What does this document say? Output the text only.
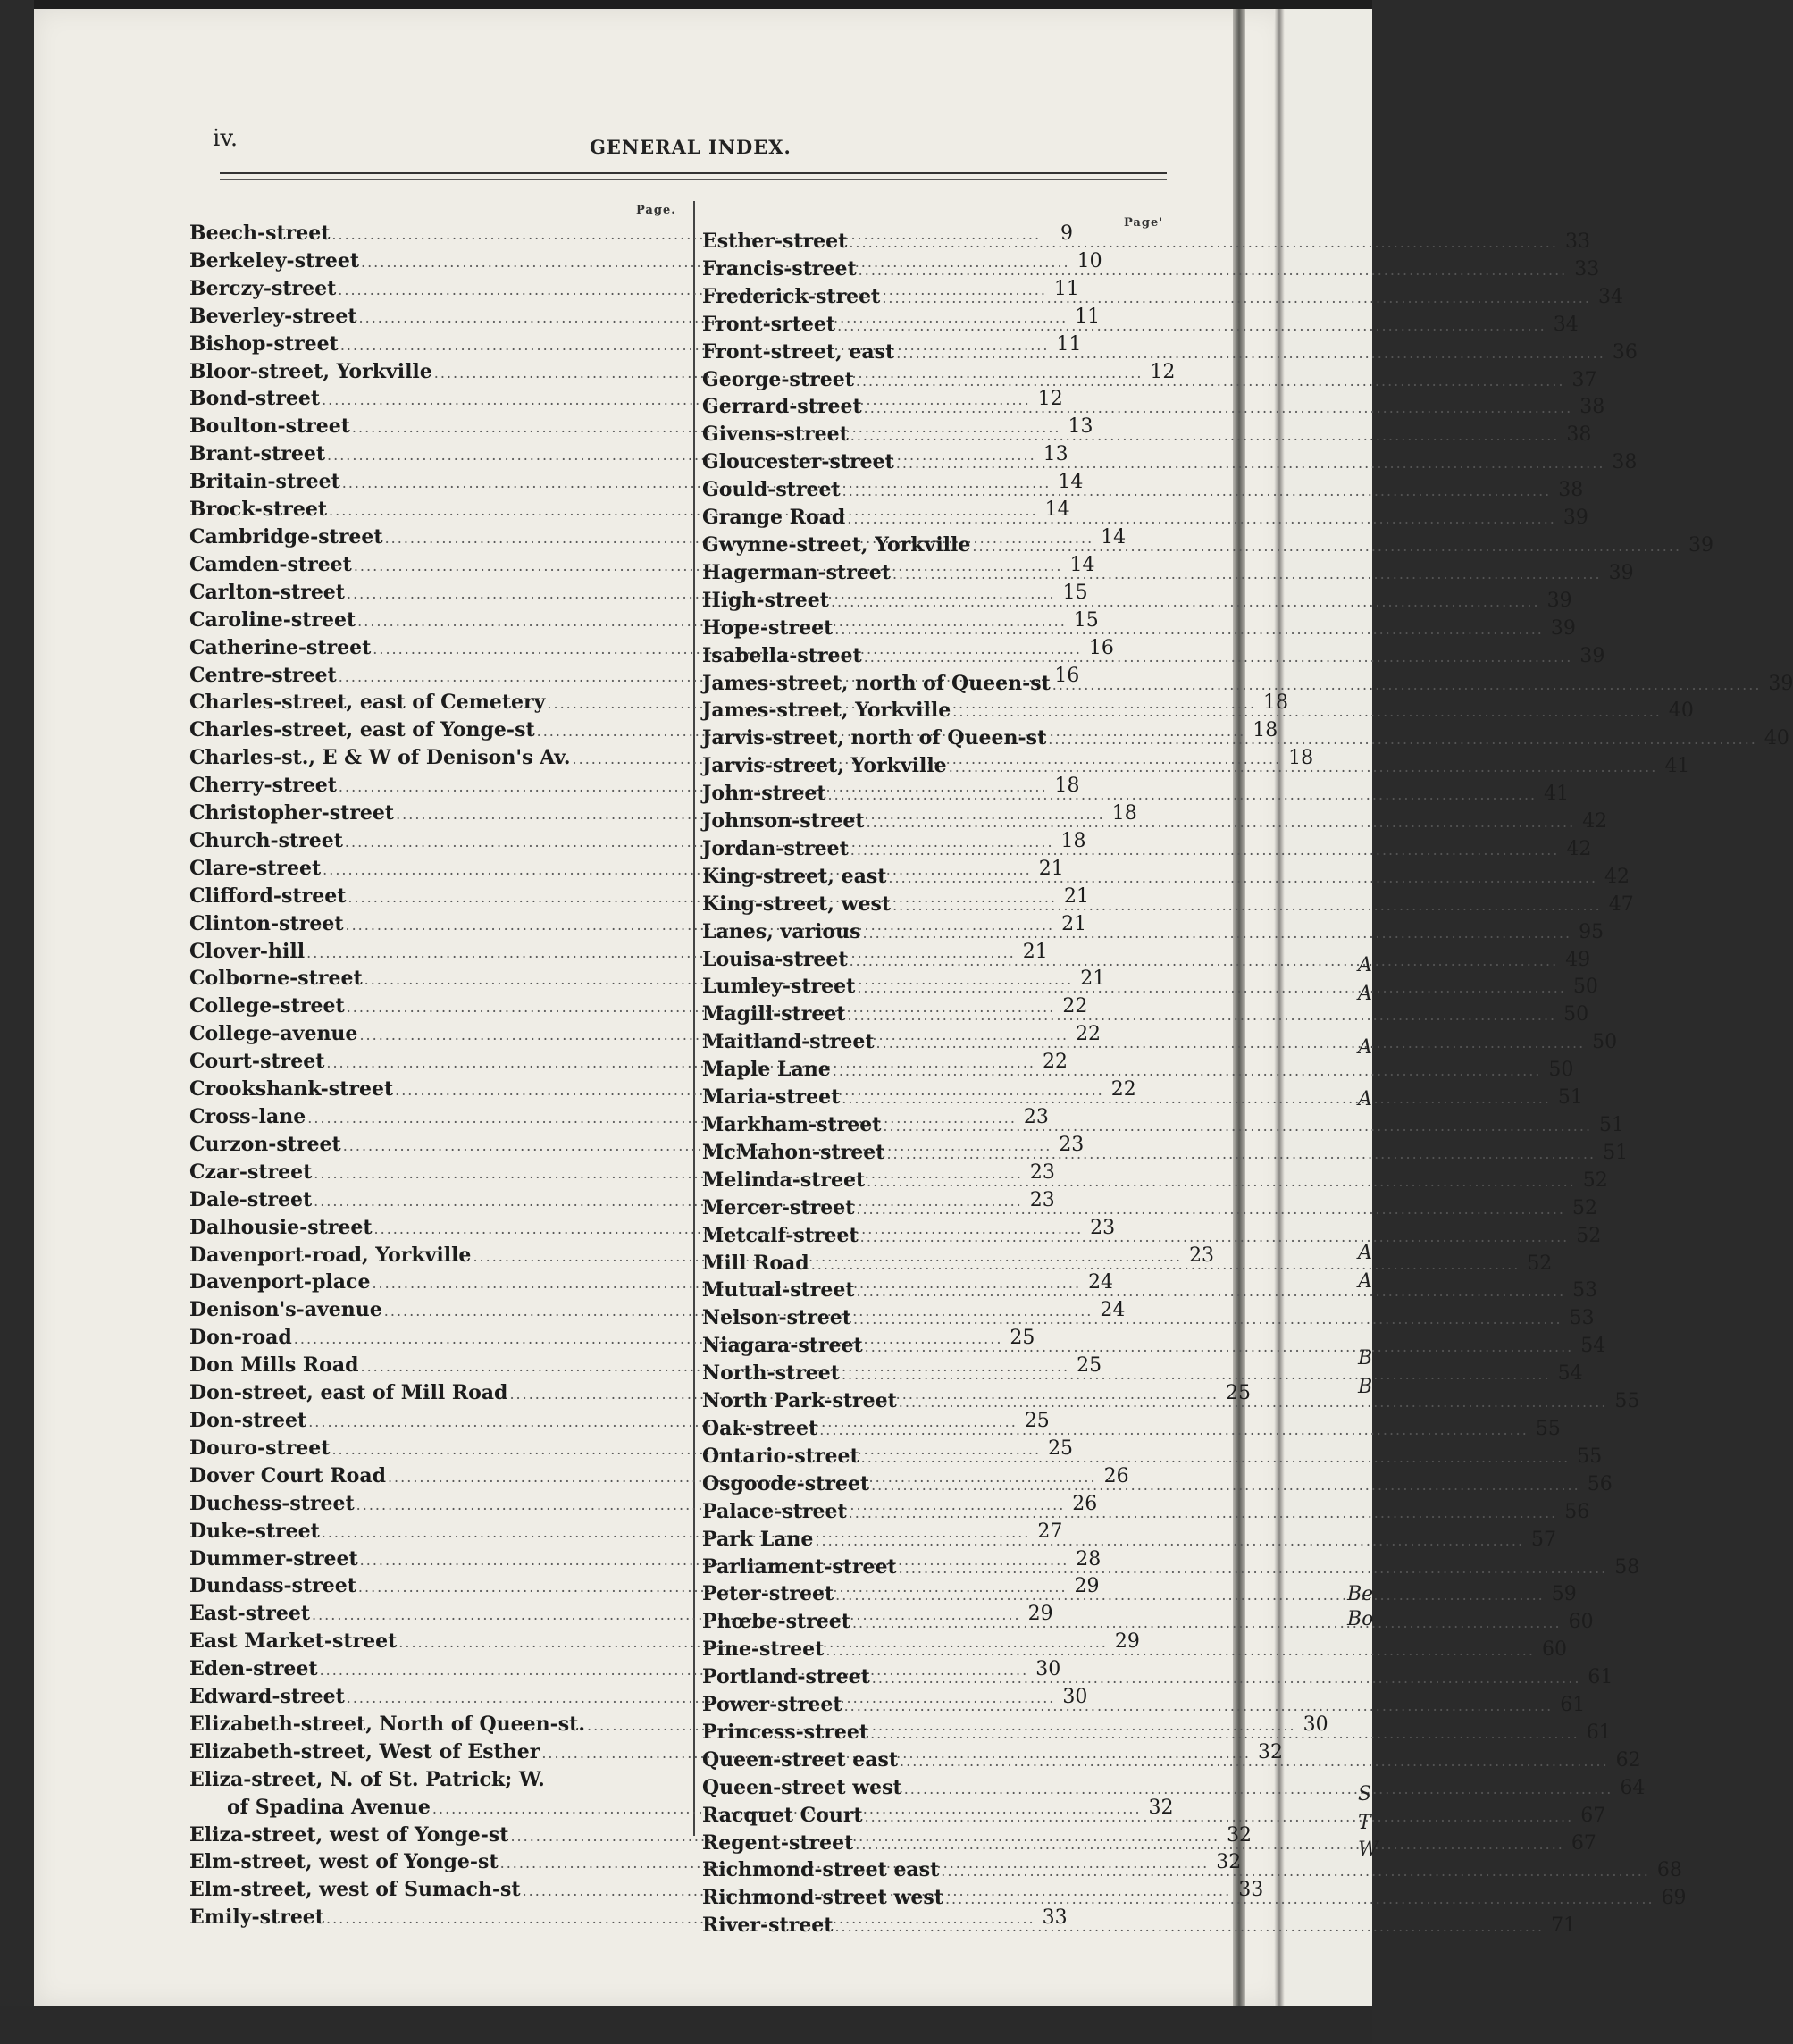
iv.	GENERAL INDEX.
Page.
Page'
Beech-street .....	9
Berkeley-street .....	10
Berczy-street .....	11
Beverley-street .....	11
Bishop-street .....	11
Bloor-street, Yorkville .....	12
Bond-street .....	12
Boulton-street .....	13
Brant-street .....	13
Britain-street .....	14
Brock-street .....	14
Cambridge-street .....	14
Camden-street .....	14
Carlton-street .....	15
Caroline-street .....	15
Catherine-street .....	16
Centre-street .....	16
Charles-street, east of Cemetery .....	18
Charles-street, east of Yonge-st .....	18
Charles-st., E & W of Denison's Av. .....	18
Cherry-street .....	18
Christopher-street .....	18
Church-street .....	18
Clare-street .....	21
Clifford-street .....	21
Clinton-street .....	21
Clover-hill .....	21
Colborne-street .....	21
College-street .....	22
College-avenue .....	22
Court-street .....	22
Crookshank-street .....	22
Cross-lane .....	23
Curzon-street .....	23
Czar-street .....	23
Dale-street .....	23
Dalhousie-street .....	23
Davenport-road, Yorkville .....	23
Davenport-place .....	24
Denison's-avenue .....	24
Don-road .....	25
Don Mills Road .....	25
Don-street, east of Mill Road .....	25
Don-street .....	25
Douro-street .....	25
Dover Court Road .....	26
Duchess-street .....	26
Duke-street .....	27
Dummer-street .....	28
Dundass-street .....	29
East-street .....	29
East Market-street .....	29
Eden-street .....	30
Edward-street .....	30
Elizabeth-street, North of Queen-st. .....	30
Elizabeth-street, West of Esther .....	32
Eliza-street, N. of St. Patrick; W.
of Spadina Avenue .....	32
Eliza-street, west of Yonge-st .....	32
Elm-street, west of Yonge-st .....	32
Elm-street, west of Sumach-st .....	33
Emily-street .....	33
Esther-street .....	33
Francis-street .....	33
Frederick-street .....	34
Front-srteet .....	34
Front-street, east .....	36
George-street .....	37
Gerrard-street .....	38
Givens-street .....	38
Gloucester-street .....	38
Gould-street .....	38
Grange Road .....	39
Gwynne-street, Yorkville .....	39
Hagerman-street .....	39
High-street .....	39
Hope-street .....	39
Isabella-street .....	39
James-street, north of Queen-st .....	39
James-street, Yorkville .....	40
Jarvis-street, north of Queen-st .....	40
Jarvis-street, Yorkville .....	41
John-street .....	41
Johnson-street .....	42
Jordan-street .....	42
King-street, east .....	42
King-street, west .....	47
Lanes, various .....	95
Louisa-street .....	49
Lumley-street .....	50
Magill-street .....	50
Maitland-street .....	50
Maple Lane .....	50
Maria-street .....	51
Markham-street .....	51
McMahon-street .....	51
Melinda-street .....	52
Mercer-street .....	52
Metcalf-street .....	52
Mill Road .....	52
Mutual-street .....	53
Nelson-street .....	53
Niagara-street .....	54
North-street .....	54
North Park-street .....	55
Oak-street .....	55
Ontario-street .....	55
Osgoode-street .....	56
Palace-street .....	56
Park Lane .....	57
Parliament-street .....	58
Peter-street .....	59
Phœbe-street .....	60
Pine-street .....	60
Portland-street .....	61
Power-street .....	61
Princess-street .....	61
Queen-street east .....	62
Queen-street west .....	64
Racquet Court .....	67
Regent-street .....	67
Richmond-street east .....	68
Richmond-street west .....	69
River-street .....	71
A
A
A
A
A
A
B
B
Be
Bo
S
T
W
